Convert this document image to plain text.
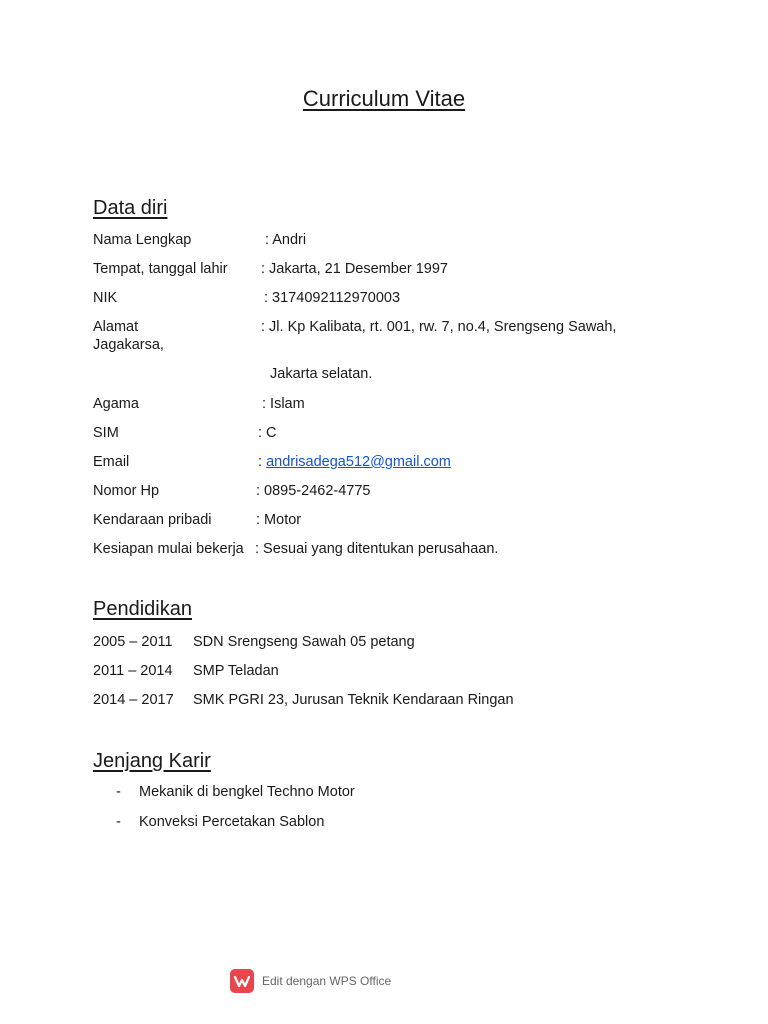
Curriculum Vitae
Data diri
Nama Lengkap	: Andri
Tempat, tanggal lahir : Jakarta, 21 Desember 1997
NIK	: 3174092112970003
Alamat	: Jl. Kp Kalibata, rt. 001, rw. 7, no.4, Srengseng Sawah,
Jagakarsa,
Jakarta selatan.
Agama	: Islam
SIM	: C
Email	: andrisadega512@gmail.com
Nomor Hp	: 0895-2462-4775
Kendaraan pribadi	: Motor
Kesiapan mulai bekerja : Sesuai yang ditentukan perusahaan.
Pendidikan
2005 – 2011 SDN Srengseng Sawah 05 petang
2011 – 2014 SMP Teladan
2014 – 2017 SMK PGRI 23, Jurusan Teknik Kendaraan Ringan
Jenjang Karir
- Mekanik di bengkel Techno Motor
- Konveksi Percetakan Sablon
Edit dengan WPS Office
